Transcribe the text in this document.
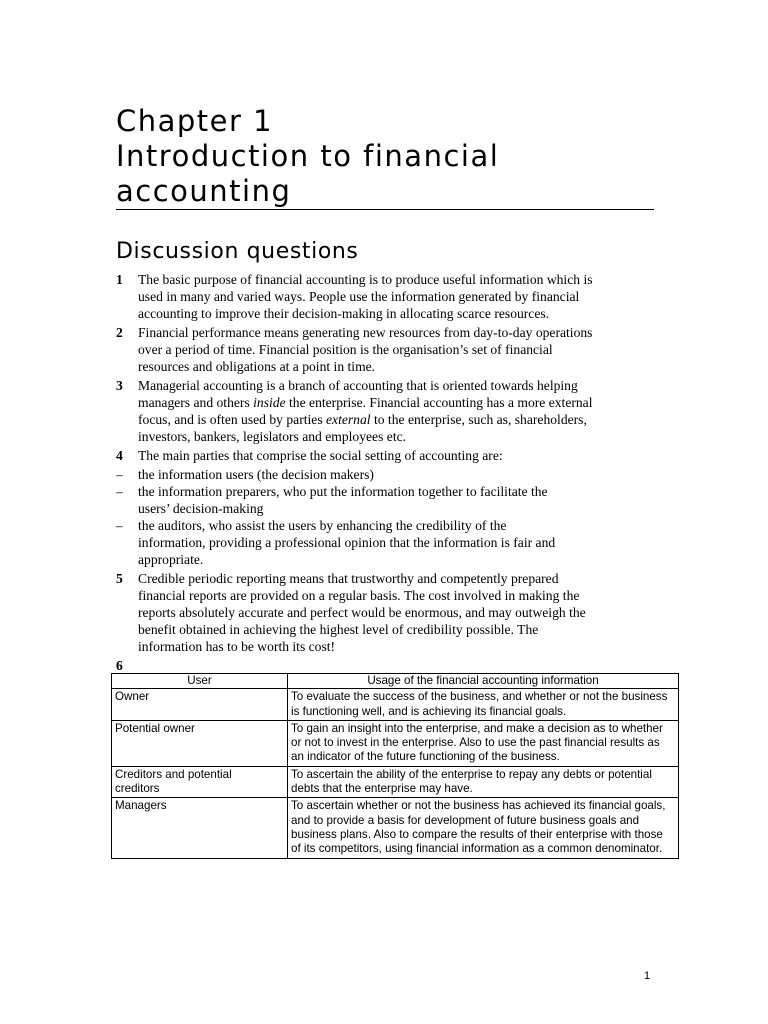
Chapter 1
Introduction to financial
accounting
Discussion questions
1 The basic purpose of financial accounting is to produce useful information which is
used in many and varied ways. People use the information generated by financial
accounting to improve their decision-making in allocating scarce resources.

2 Financial performance means generating new resources from day-to-day operations
over a period of time. Financial position is the organisation’s set of financial
resources and obligations at a point in time.

3 Managerial accounting is a branch of accounting that is oriented towards helping
managers and others inside the enterprise. Financial accounting has a more external
focus, and is often used by parties external to the enterprise, such as, shareholders,
investors, bankers, legislators and employees etc.

4 The main parties that comprise the social setting of accounting are:

– the information users (the decision makers)
– the information preparers, who put the information together to facilitate the
users’ decision-making
– the auditors, who assist the users by enhancing the credibility of the
information, providing a professional opinion that the information is fair and
appropriate.
5 Credible periodic reporting means that trustworthy and competently prepared
financial reports are provided on a regular basis. The cost involved in making the
reports absolutely accurate and perfect would be enormous, and may outweigh the
benefit obtained in achieving the highest level of credibility possible. The
information has to be worth its cost!

6
User	Usage of the financial accounting information
Owner	To evaluate the success of the business, and whether or not the business
is functioning well, and is achieving its financial goals.
Potential owner	To gain an insight into the enterprise, and make a decision as to whether
or not to invest in the enterprise. Also to use the past financial results as
an indicator of the future functioning of the business.
Creditors and potential
creditors	To ascertain the ability of the enterprise to repay any debts or potential
debts that the enterprise may have.
Managers	To ascertain whether or not the business has achieved its financial goals,
and to provide a basis for development of future business goals and
business plans. Also to compare the results of their enterprise with those
of its competitors, using financial information as a common denominator.
1
